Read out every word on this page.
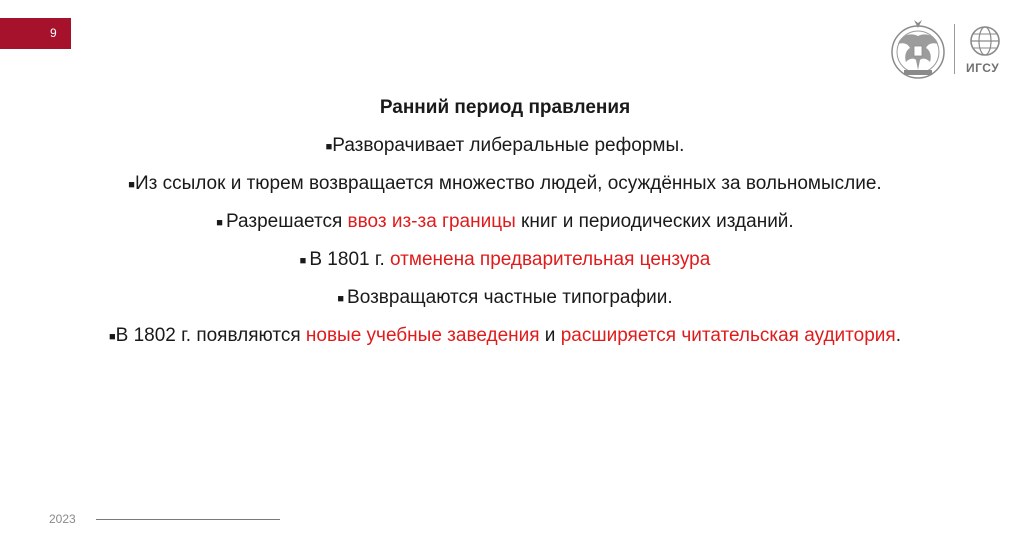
9
ИГСУ
Ранний период правления
■Разворачивает либеральные реформы.
■Из ссылок и тюрем возвращается множество людей, осуждённых за вольномыслие.
■ Разрешается ввоз из-за границы книг и периодических изданий.
■ В 1801 г. отменена предварительная цензура
■ Возвращаются частные типографии.
■В 1802 г. появляются новые учебные заведения и расширяется читательская аудитория.
2023
